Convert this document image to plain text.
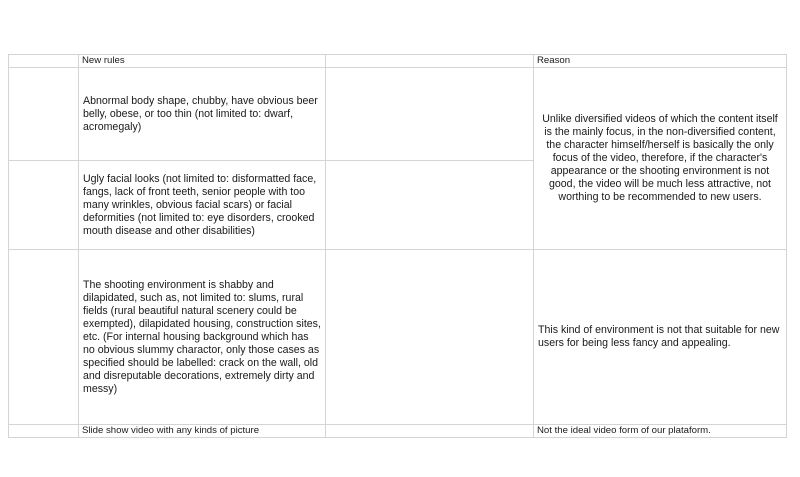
	New rules		Reason
	Abnormal body shape, chubby, have obvious beer belly, obese, or too thin (not limited to: dwarf, acromegaly)		Unlike diversified videos of which the content itself is the mainly focus, in the non-diversified content, the character himself/herself is basically the only focus of the video, therefore, if the character's appearance or the shooting environment is not good, the video will be much less attractive, not worthing to be recommended to new users.
	Ugly facial looks (not limited to: disformatted face, fangs, lack of front teeth, senior people with too many wrinkles, obvious facial scars) or facial deformities (not limited to: eye disorders, crooked mouth disease and other disabilities)		
	The shooting environment is shabby and dilapidated, such as, not limited to: slums, rural fields (rural beautiful natural scenery could be exempted), dilapidated housing, construction sites, etc. (For internal housing background which has no obvious slummy charactor, only those cases as specified should be labelled: crack on the wall, old and disreputable decorations, extremely dirty and messy)		This kind of environment is not that suitable for new users for being less fancy and appealing.
	Slide show video with any kinds of picture		Not the ideal video form of our plataform.
